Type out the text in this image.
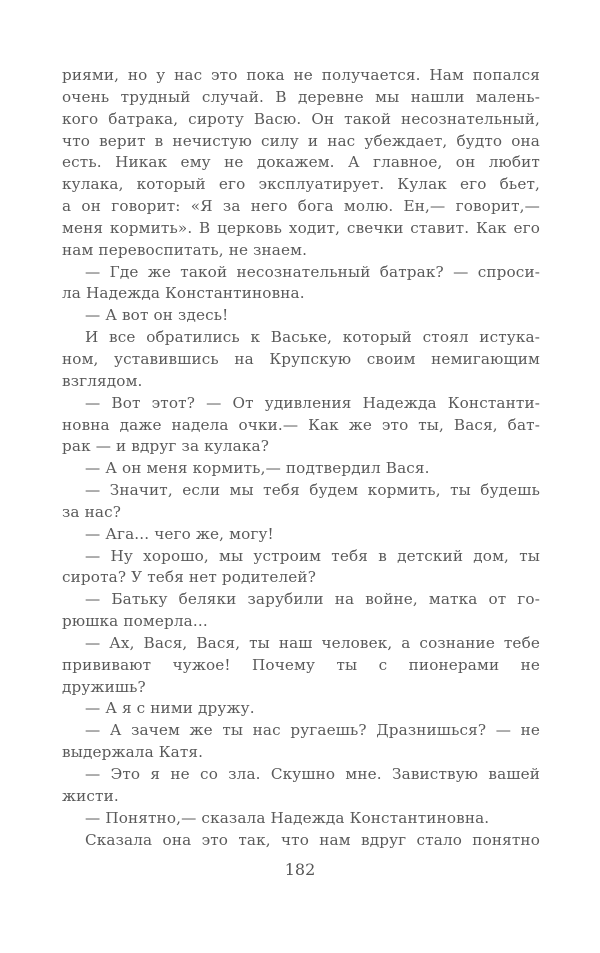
риями, но у нас это пока не получается. Нам попался
очень трудный случай. В деревне мы нашли малень-
кого батрака, сироту Васю. Он такой несознательный,
что верит в нечистую силу и нас убеждает, будто она
есть. Никак ему не докажем. А главное, он любит
кулака, который его эксплуатирует. Кулак его бьет,
а он говорит: «Я за него бога молю. Ен,— говорит,—
меня кормить». В церковь ходит, свечки ставит. Как его
нам перевоспитать, не знаем.
— Где же такой несознательный батрак? — спроси-
ла Надежда Константиновна.
— А вот он здесь!
И все обратились к Ваське, который стоял истука-
ном, уставившись на Крупскую своим немигающим
взглядом.
— Вот этот? — От удивления Надежда Константи-
новна даже надела очки.— Как же это ты, Вася, бат-
рак — и вдруг за кулака?
— А он меня кормить,— подтвердил Вася.
— Значит, если мы тебя будем кормить, ты будешь
за нас?
— Ага... чего же, могу!
— Ну хорошо, мы устроим тебя в детский дом, ты
сирота? У тебя нет родителей?
— Батьку беляки зарубили на войне, матка от го-
рюшка померла...
— Ах, Вася, Вася, ты наш человек, а сознание тебе
прививают чужое! Почему ты с пионерами не
дружишь?
— А я с ними дружу.
— А зачем же ты нас ругаешь? Дразнишься? — не
выдержала Катя.
— Это я не со зла. Скушно мне. Завиствую вашей
жисти.
— Понятно,— сказала Надежда Константиновна.
Сказала она это так, что нам вдруг стало понятно
182
